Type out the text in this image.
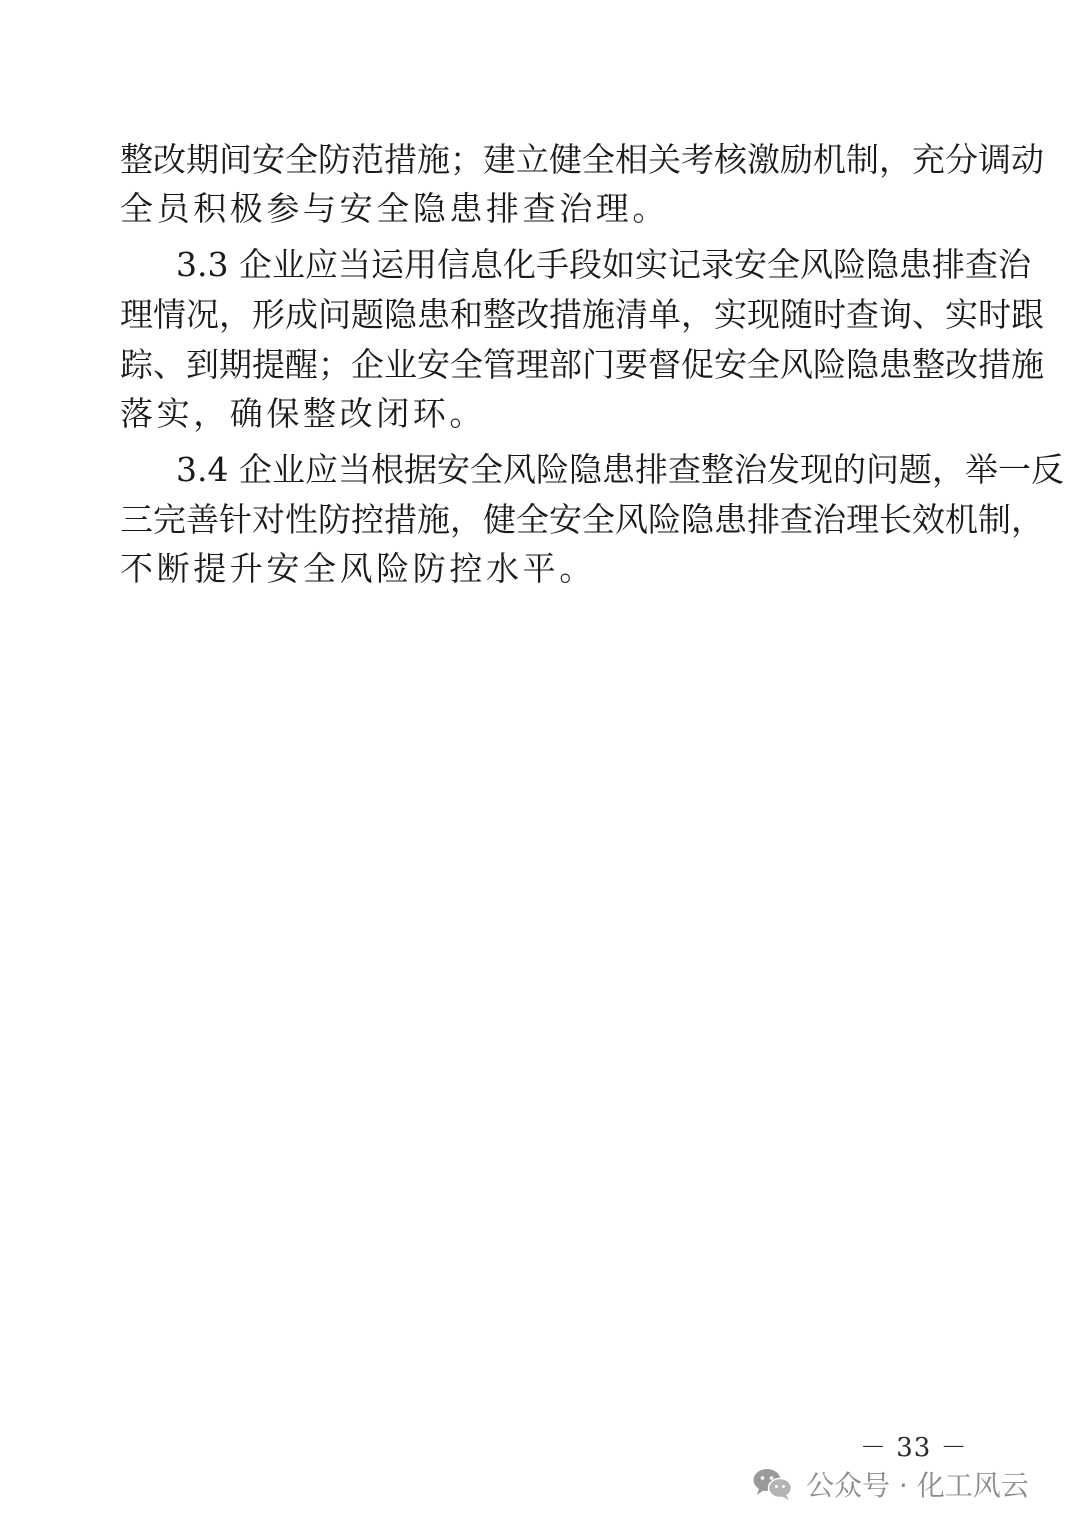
整改期间安全防范措施；建立健全相关考核激励机制，充分调动
全员积极参与安全隐患排查治理。
3.3 企业应当运用信息化手段如实记录安全风险隐患排查治
理情况，形成问题隐患和整改措施清单，实现随时查询、实时跟
踪、到期提醒；企业安全管理部门要督促安全风险隐患整改措施
落实，确保整改闭环。
3.4 企业应当根据安全风险隐患排查整治发现的问题，举一反
三完善针对性防控措施，健全安全风险隐患排查治理长效机制，
不断提升安全风险防控水平。
－ 33 －
公众号 · 化工风云
